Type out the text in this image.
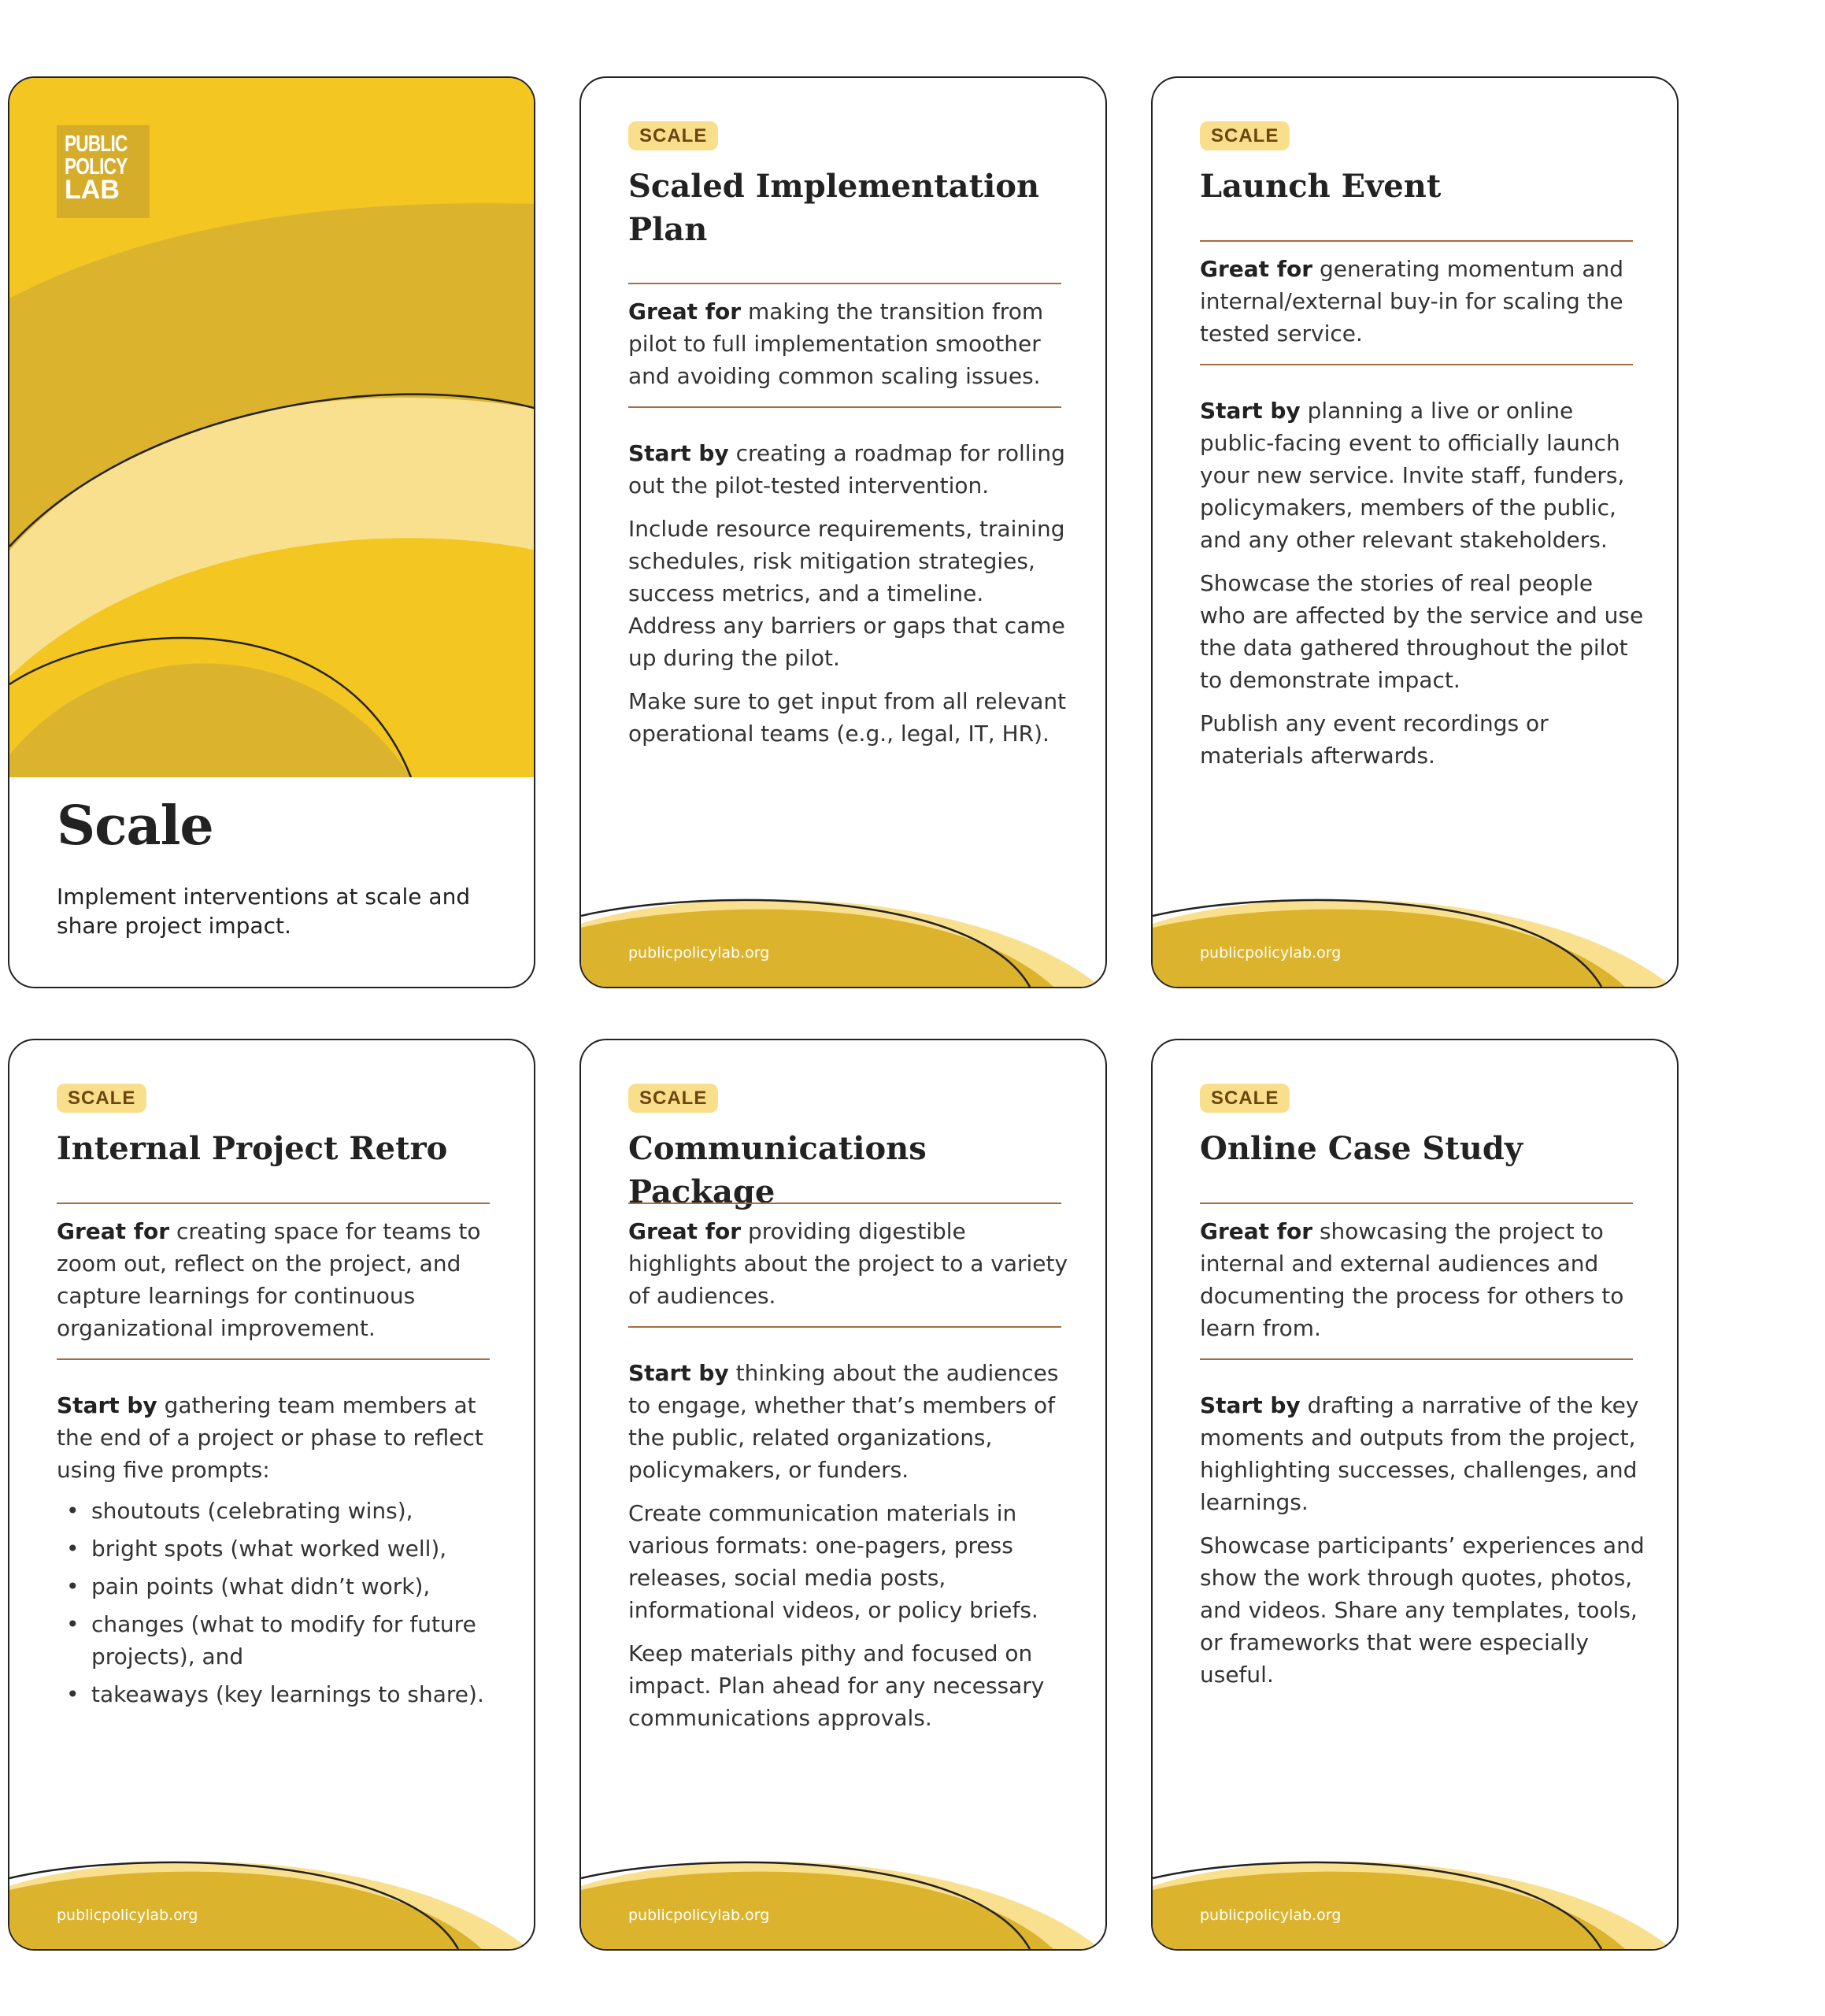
PUBLIC
POLICY
LAB
Scale
Implement interventions at scale and share project impact.
SCALE
Scaled Implementation Plan

Great for making the transition from pilot to full implementation smoother and avoiding common scaling issues.

Start by creating a roadmap for rolling out the pilot-tested intervention.

Include resource requirements, training schedules, risk mitigation strategies, success metrics, and a timeline. Address any barriers or gaps that came up during the pilot.

Make sure to get input from all relevant operational teams (e.g., legal, IT, HR).

publicpolicylab.org
SCALE
Launch Event

Great for generating momentum and internal/external buy-in for scaling the tested service.

Start by planning a live or online public-facing event to officially launch your new service. Invite staff, funders, policymakers, members of the public, and any other relevant stakeholders.

Showcase the stories of real people who are affected by the service and use the data gathered throughout the pilot to demonstrate impact.

Publish any event recordings or materials afterwards.

publicpolicylab.org
SCALE
Internal Project Retro

Great for creating space for teams to zoom out, reflect on the project, and capture learnings for continuous organizational improvement.

Start by gathering team members at the end of a project or phase to reflect using five prompts:

• shoutouts (celebrating wins),
• bright spots (what worked well),
• pain points (what didn’t work),
• changes (what to modify for future projects), and
• takeaways (key learnings to share).
publicpolicylab.org
SCALE
Communications Package

Great for providing digestible highlights about the project to a variety of audiences.

Start by thinking about the audiences to engage, whether that’s members of the public, related organizations, policymakers, or funders.

Create communication materials in various formats: one-pagers, press releases, social media posts, informational videos, or policy briefs.

Keep materials pithy and focused on impact. Plan ahead for any necessary communications approvals.

publicpolicylab.org
SCALE
Online Case Study

Great for showcasing the project to internal and external audiences and documenting the process for others to learn from.

Start by drafting a narrative of the key moments and outputs from the project, highlighting successes, challenges, and learnings.

Showcase participants’ experiences and show the work through quotes, photos, and videos. Share any templates, tools, or frameworks that were especially useful.

publicpolicylab.org
